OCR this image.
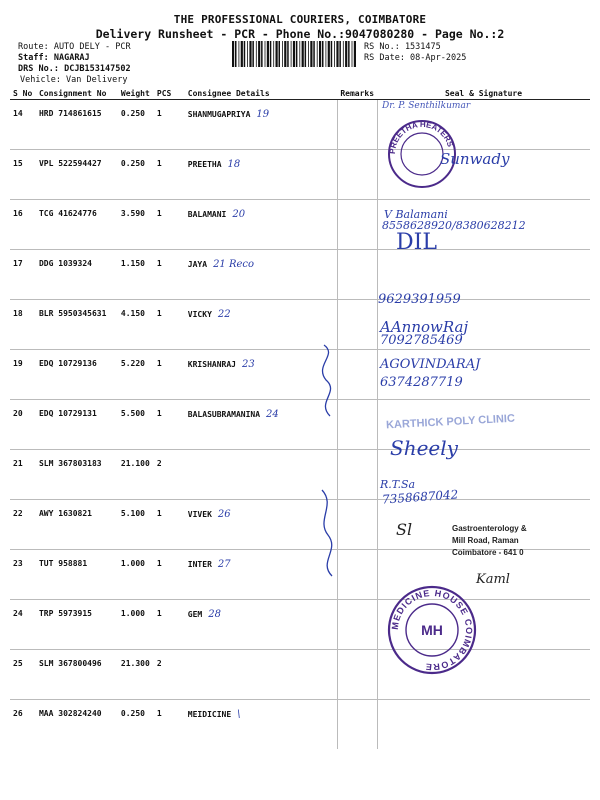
THE PROFESSIONAL COURIERS, COIMBATORE
Delivery Runsheet - PCR - Phone No.:9047080280 - Page No.:2
Route: AUTO DELY - PCR
Staff: NAGARAJ
DRS No.: DCJB153147502
Vehicle: Van Delivery
RS No.: 1531475
RS Date: 08-Apr-2025
S No	Consignment No	Weight	PCS	Consignee Details	Remarks	Seal & Signature
14	HRD 714861615	0.250	1	SHANMUGAPRIYA 19		
15	VPL 522594427	0.250	1	PREETHA 18		
16	TCG 41624776	3.590	1	BALAMANI 20		
17	DDG 1039324	1.150	1	JAYA 21 Reco		
18	BLR 5950345631	4.150	1	VICKY 22		
19	EDQ 10729136	5.220	1	KRISHANRAJ 23		
20	EDQ 10729131	5.500	1	BALASUBRAMANINA 24		
21	SLM 367803183	21.100	2			
22	AWY 1630821	5.100	1	VIVEK 26		
23	TUT 958881	1.000	1	INTER 27		
24	TRP 5973915	1.000	1	GEM 28		
25	SLM 367800496	21.300	2			
26	MAA 302824240	0.250	1	MEIDICINE \		
Dr. P. Senthilkumar
PREETHA HEATERS
Sunwady
V Balamani
8558628920/8380628212
DIL
9629391959
AAnnowRaj
7092785469
AGOVINDARAJ
6374287719
KARTHICK POLY CLINIC
Sheely
R.T.Sa
7358687042
Gastroenterology &
Mill Road, Raman
Coimbatore - 641 0
Sl
Kaml
MEDICINE HOUSE COIMBATORE
MH
